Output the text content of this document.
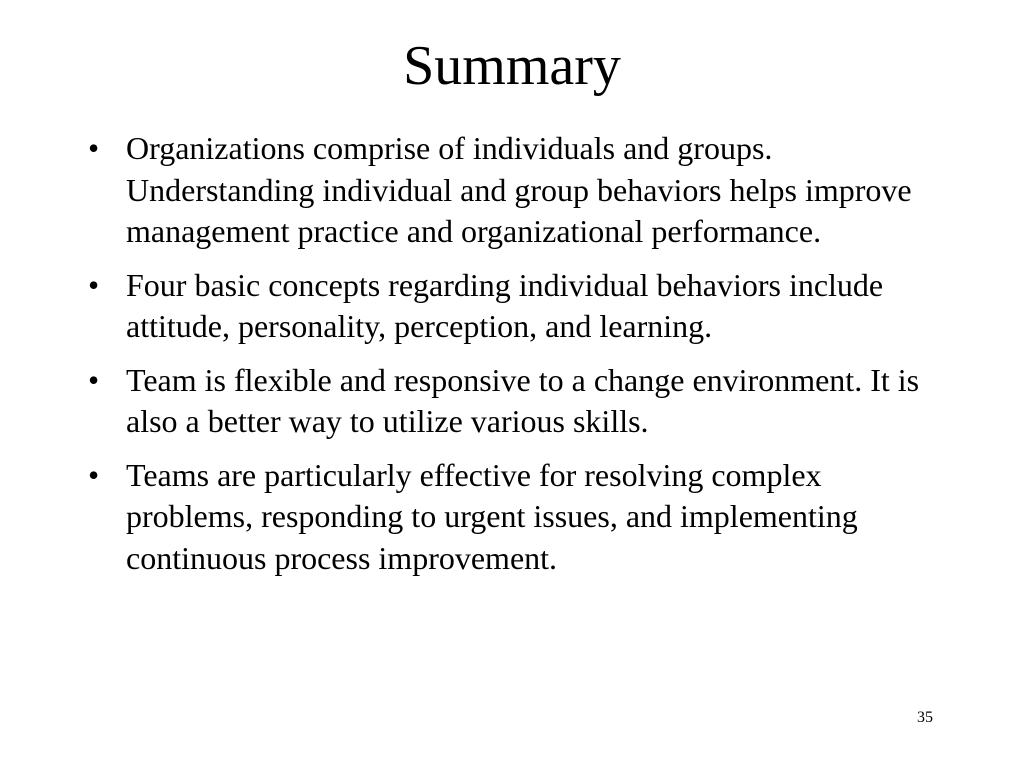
Summary
• Organizations comprise of individuals and groups. Understanding individual and group behaviors helps improve management practice and organizational performance.
• Four basic concepts regarding individual behaviors include attitude, personality, perception, and learning.
• Team is flexible and responsive to a change environment. It is also a better way to utilize various skills.
• Teams are particularly effective for resolving complex problems, responding to urgent issues, and implementing continuous process improvement.
35
